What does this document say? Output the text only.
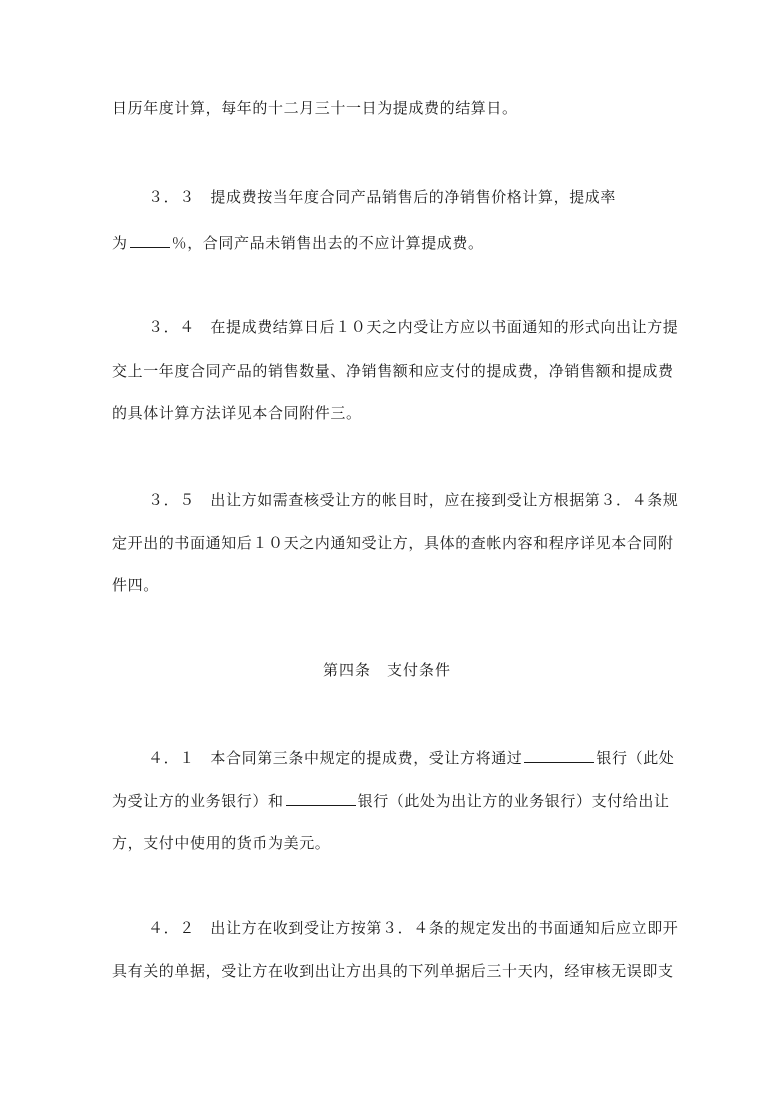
日历年度计算，每年的十二月三十一日为提成费的结算日。
３．３　提成费按当年度合同产品销售后的净销售价格计算，提成率
为	％，合同产品未销售出去的不应计算提成费。
３．４　在提成费结算日后１０天之内受让方应以书面通知的形式向出让方提
交上一年度合同产品的销售数量、净销售额和应支付的提成费，净销售额和提成费
的具体计算方法详见本合同附件三。
３．５　出让方如需查核受让方的帐目时，应在接到受让方根据第３．４条规
定开出的书面通知后１０天之内通知受让方，具体的查帐内容和程序详见本合同附
件四。
第四条　支付条件
４．１　本合同第三条中规定的提成费，受让方将通过	银行（此处
为受让方的业务银行）和	银行（此处为出让方的业务银行）支付给出让
方，支付中使用的货币为美元。
４．２　出让方在收到受让方按第３．４条的规定发出的书面通知后应立即开
具有关的单据，受让方在收到出让方出具的下列单据后三十天内，经审核无误即支
